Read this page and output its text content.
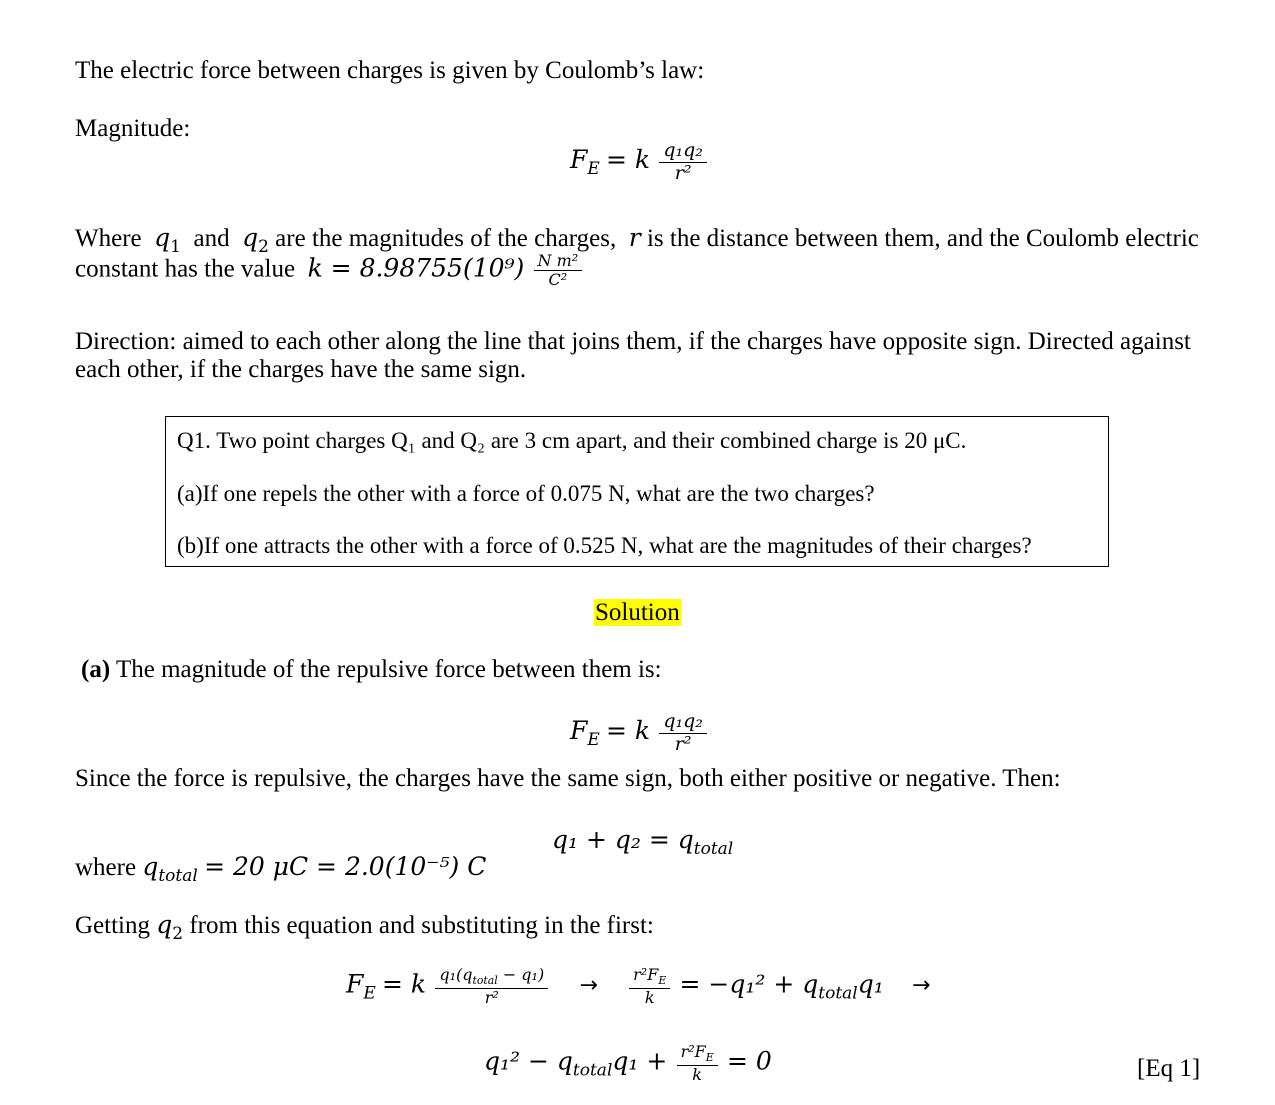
The electric force between charges is given by Coulomb’s law:
Magnitude:
$F_E = k \frac{\text{q₁q₂}}{\text{r²}}$
Where $q_1$ and $q_2$ are the magnitudes of the charges, r is the distance between them, and the Coulomb electric
constant has the value $k = 8.98755(10^9) \frac{\text{N m²}}{\text{C²}}$
Direction: aimed to each other along the line that joins them, if the charges have opposite sign. Directed against
each other, if the charges have the same sign.
Q1. Two point charges Q₁ and Q₂ are 3 cm apart, and their combined charge is 20 μC.
(a)If one repels the other with a force of 0.075 N, what are the two charges?
(b)If one attracts the other with a force of 0.525 N, what are the magnitudes of their charges?
Solution
(a) The magnitude of the repulsive force between them is:
$F_E = k \frac{\text{q₁q₂}}{\text{r²}}$
Since the force is repulsive, the charges have the same sign, both either positive or negative. Then:
$q_1 + q_2 = q_{total}$
where $q_{total} = 20$ μC = 2.0(10⁻⁵) C
Getting $q_2$ from this equation and substituting in the first:
$F_E = k \frac{q_1(q_{total} - q_1)}{\text{r²}} \to \frac{r^2F_E}{k} = -q_1^2 + q_{total}q_1$ →
$q_1^2 - q_{total}q_1 + \frac{r^2F_E}{k} = 0$	[Eq 1]
